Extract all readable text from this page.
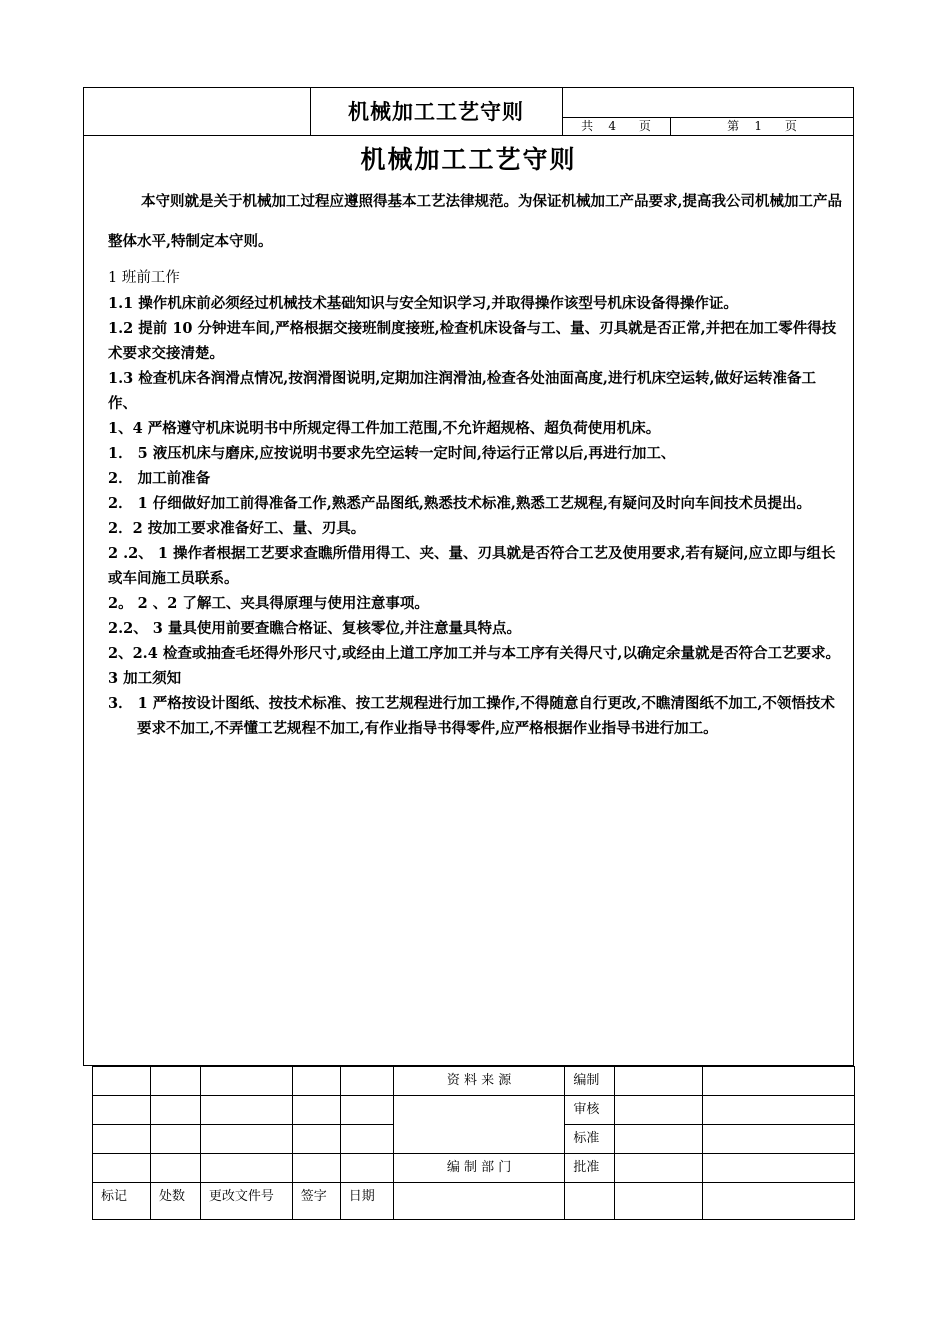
机械加工工艺守则
共    4      页	第    1      页
机械加工工艺守则

本守则就是关于机械加工过程应遵照得基本工艺法律规范。为保证机械加工产品要求,提高我公司机械加工产品整体水平,特制定本守则。

1 班前工作

1.1 操作机床前必须经过机械技术基础知识与安全知识学习,并取得操作该型号机床设备得操作证。

1.2 提前 10 分钟进车间,严格根据交接班制度接班,检查机床设备与工、量、刃具就是否正常,并把在加工零件得技术要求交接清楚。

1.3 检查机床各润滑点情况,按润滑图说明,定期加注润滑油,检查各处油面高度,进行机床空运转,做好运转准备工作、

1、4 严格遵守机床说明书中所规定得工件加工范围,不允许超规格、超负荷使用机床。

1． 5 液压机床与磨床,应按说明书要求先空运转一定时间,待运行正常以后,再进行加工、

2． 加工前准备

2． 1 仔细做好加工前得准备工作,熟悉产品图纸,熟悉技术标准,熟悉工艺规程,有疑问及时向车间技术员提出。

2．2 按加工要求准备好工、量、刃具。

2 .2、 1 操作者根据工艺要求查瞧所借用得工、夹、量、刃具就是否符合工艺及使用要求,若有疑问,应立即与组长或车间施工员联系。

2。 2 、2 了解工、夹具得原理与使用注意事项。

2.2、 3 量具使用前要查瞧合格证、复核零位,并注意量具特点。

2、2.4 检查或抽查毛坯得外形尺寸,或经由上道工序加工并与本工序有关得尺寸,以确定余量就是否符合工艺要求。

3 加工须知

3． 1 严格按设计图纸、按技术标准、按工艺规程进行加工操作,不得随意自行更改,不瞧清图纸不加工,不领悟技术要求不加工,不弄懂工艺规程不加工,有作业指导书得零件,应严格根据作业指导书进行加工。

					资 料 来 源	编制		
						审核		
						标准		
					编 制 部 门	批准		
标记	处数	更改文件号	签字	日期				
